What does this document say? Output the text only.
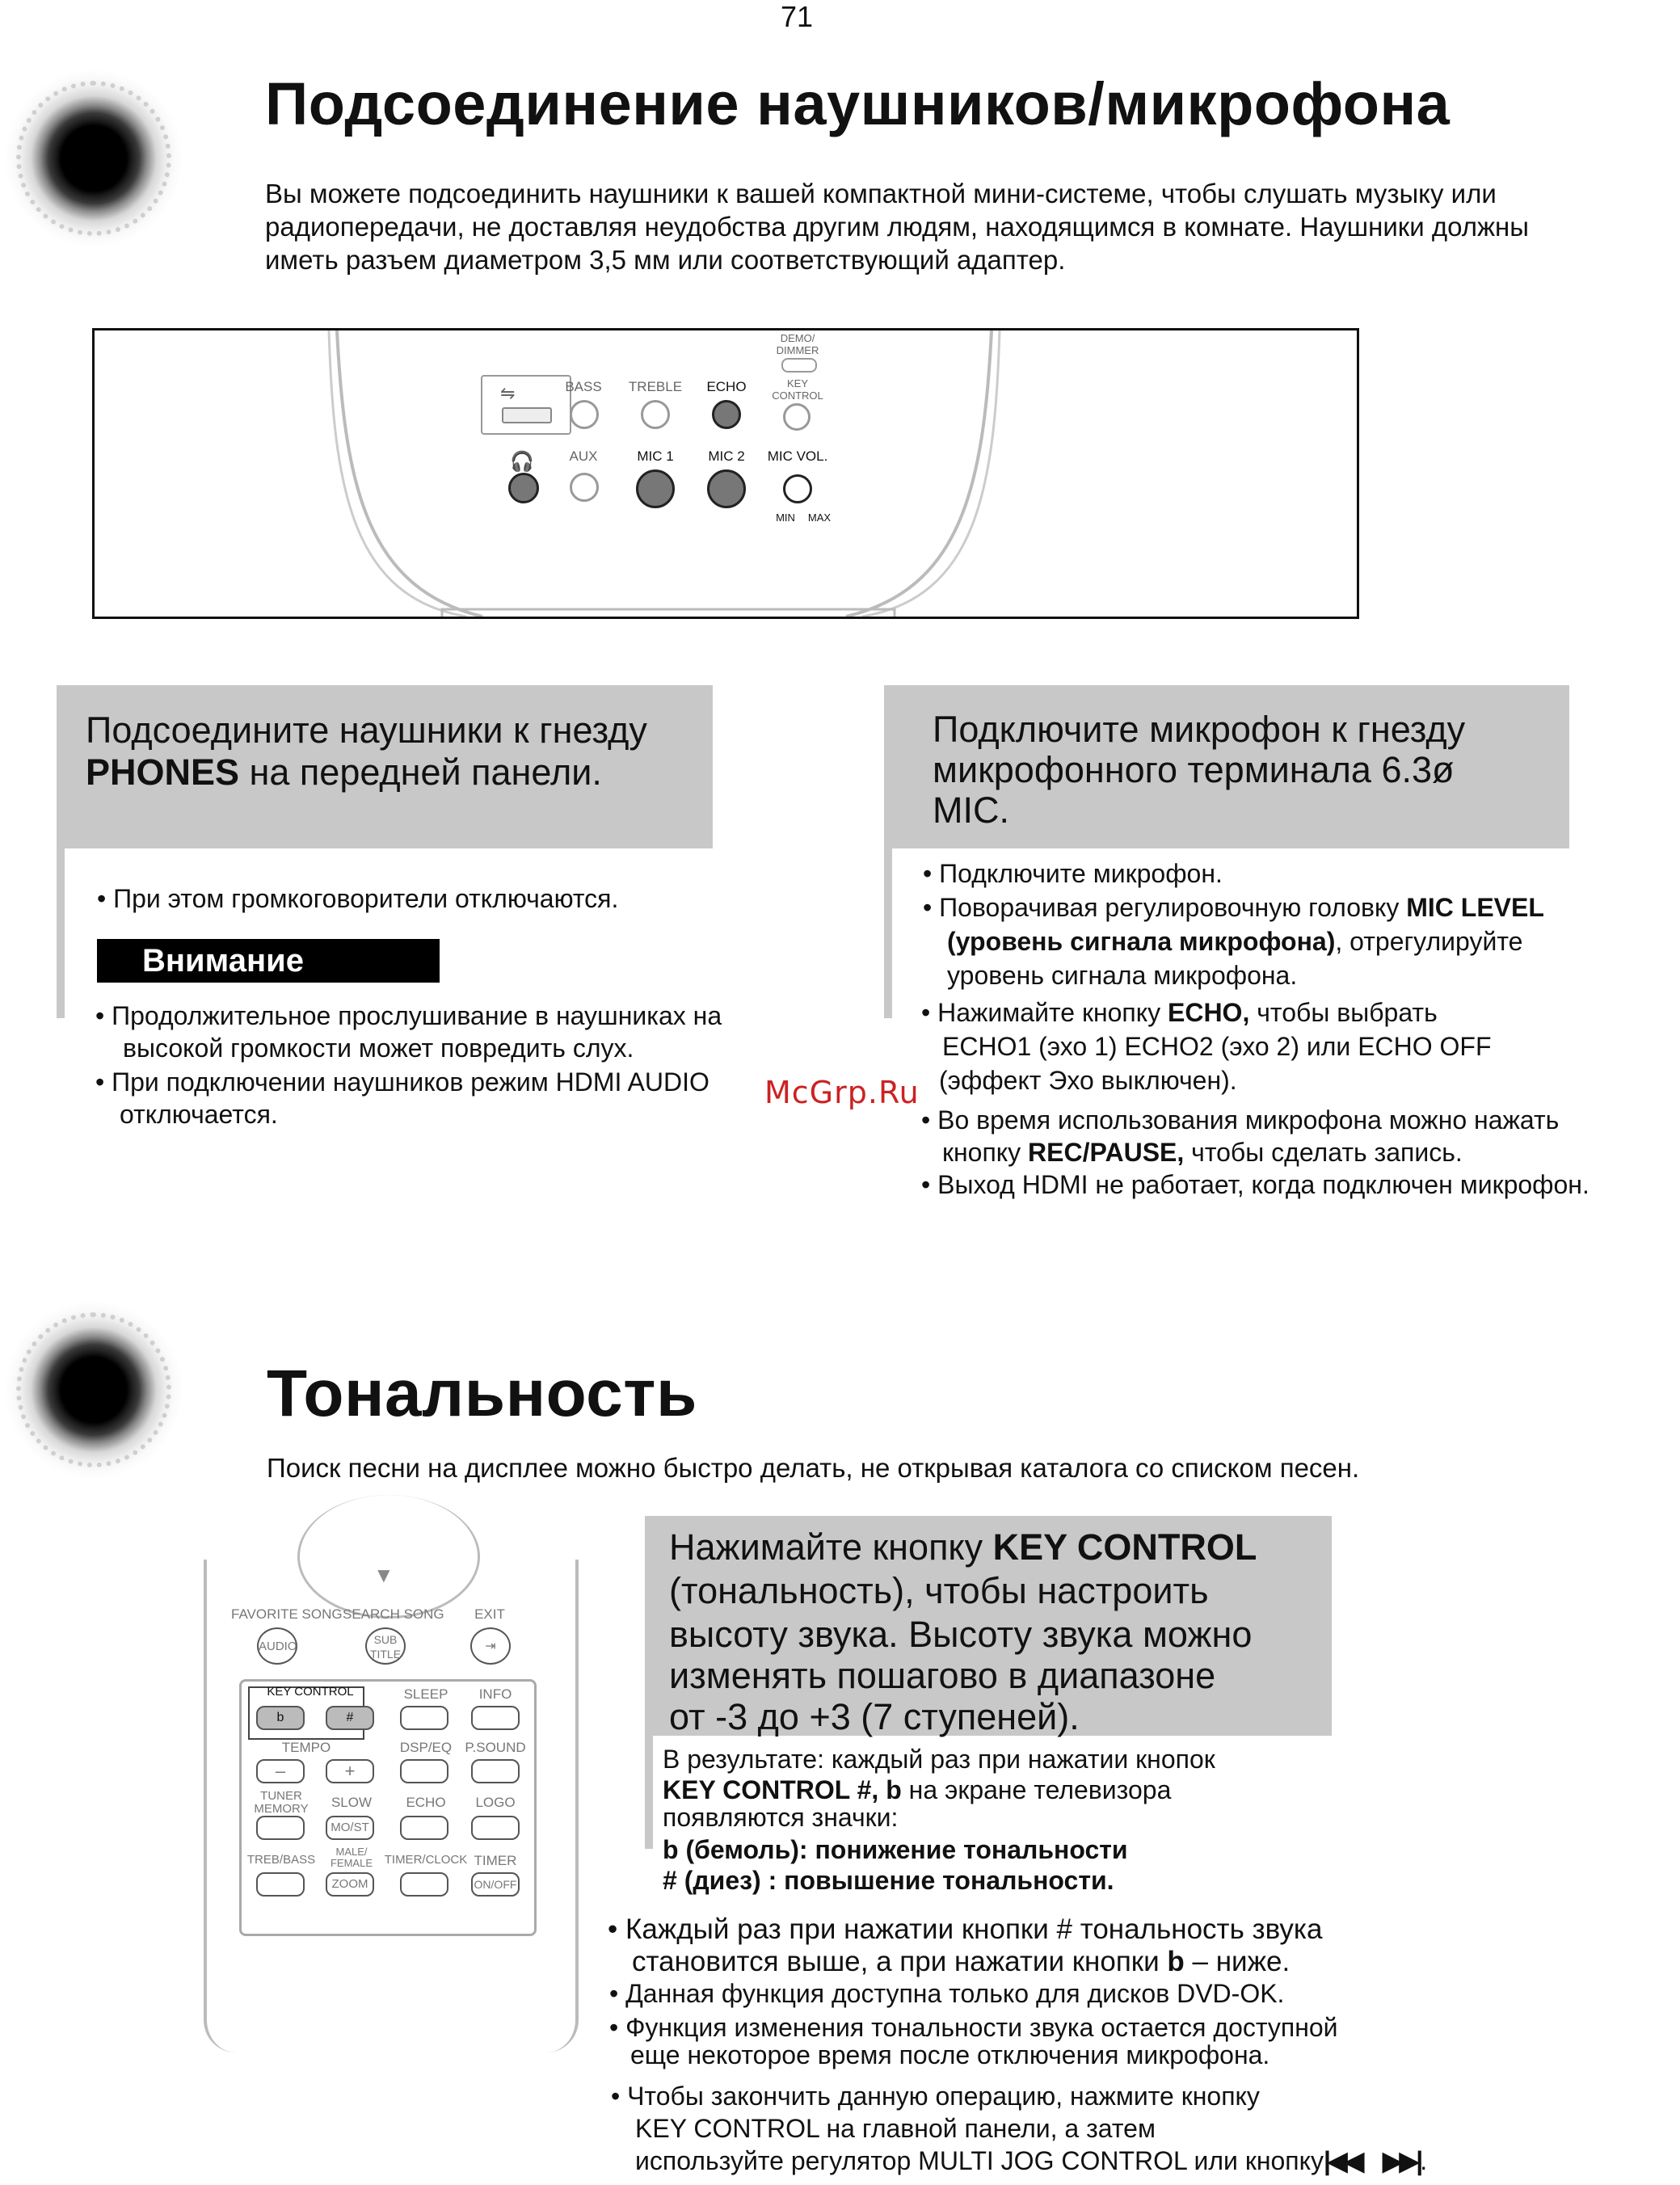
71
Подсоединение наушников/микрофона
Вы можете подсоединить наушники к вашей компактной мини-системе, чтобы слушать музыку или
радиопередачи, не доставляя неудобства другим людям, находящимся в комнате. Наушники должны
иметь разъем диаметром 3,5 мм или соответствующий адаптер.
⇋	BASS	TREBLE	ECHO
DEMO/
DIMMER
KEY
CONTROL
🎧	AUX	MIC 1	MIC 2	MIC VOL.
MIN MAX
Подсоедините наушники к гнезду
PHONES на передней панели.
• При этом громкоговорители отключаются.
Внимание
• Продолжительное прослушивание в наушниках на
высокой громкости может повредить слух.
• При подключении наушников режим HDMI AUDIO
отключается.
McGrp.Ru
Подключите микрофон к гнезду
микрофонного терминала 6.3ø
MIC.
• Подключите микрофон.
• Поворачивая регулировочную головку MIC LEVEL
(уровень сигнала микрофона), отрегулируйте
уровень сигнала микрофона.
• Нажимайте кнопку ECHO, чтобы выбрать
ECHO1 (эхо 1) ECHO2 (эхо 2) или ECHO OFF
(эффект Эхо выключен).
• Во время использования микрофона можно нажать
кнопку REC/PAUSE, чтобы сделать запись.
• Выход HDMI не работает, когда подключен микрофон.
Тональность
Поиск песни на дисплее можно быстро делать, не открывая каталога со списком песен.
▼
FAVORITE SONG
AUDIO
SEARCH SONG
SUB
TITLE
EXIT
⇥
KEY CONTROL
b	#
SLEEP	INFO
TEMPO
–	+
DSP/EQ P.SOUND
TUNER
MEMORY	SLOW
MO/ST
ECHO	LOGO
TREB/BASS
MALE/
FEMALE
ZOOM
TIMER/CLOCK TIMER
ON/OFF
Нажимайте кнопку KEY CONTROL
(тональность), чтобы настроить
высоту звука. Высоту звука можно
изменять пошагово в диапазоне
от -3 до +3 (7 ступеней).
В результате: каждый раз при нажатии кнопок
KEY CONTROL #, b на экране телевизора
появляются значки:
b (бемоль): понижение тональности
# (диез) : повышение тональности.
• Каждый раз при нажатии кнопки # тональность звука
становится выше, а при нажатии кнопки b – ниже.
• Данная функция доступна только для дисков DVD-OK.
• Функция изменения тональности звука остается доступной
еще некоторое время после отключения микрофона.
• Чтобы закончить данную операцию, нажмите кнопку
KEY CONTROL на главной панели, а затем
используйте регулятор MULTI JOG CONTROL или кнопку|◀◀ ▶▶|.
